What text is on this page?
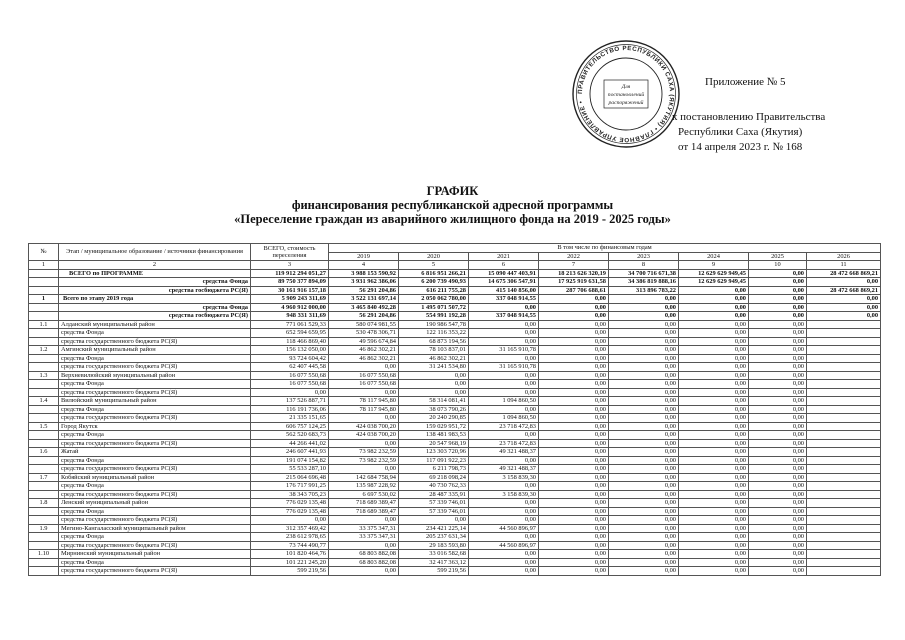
ПРАВИТЕЛЬСТВО РЕСПУБЛИКИ САХА (ЯКУТИЯ) • ГЛАВНОЕ УПРАВЛЕНИЕ •
Для
постановлений
распоряжений
Приложение № 5
к постановлению Правительства
Республики Саха (Якутия)
от 14 апреля 2023 г. № 168
ГРАФИК
финансирования республиканской адресной программы
«Переселение граждан из аварийного жилищного фонда на 2019 - 2025 годы»
№	Этап / муниципальное образование / источники финансирования	ВСЕГО, стоимость переселения	В том числе по финансовым годам							
			2019	2020	2021	2022	2023	2024	2025	2026
1	2	3	4	5	6	7	8	9	10	11
	ВСЕГО по ПРОГРАММЕ	119 912 294 051,27	3 988 153 590,92	6 816 951 266,21	15 090 447 403,91	18 213 626 320,19	34 700 716 671,38	12 629 629 949,45	0,00	28 472 668 869,21
	средства Фонда	89 750 377 894,09	3 931 962 386,06	6 200 739 490,93	14 675 306 547,91	17 925 919 631,58	34 386 819 888,16	12 629 629 949,45	0,00	0,00
	средства госбюджета РС(Я)	30 161 916 157,18	56 291 204,86	616 211 755,28	415 140 856,00	287 706 688,61	313 896 783,22	0,00	0,00	28 472 668 869,21
1	Всего по этапу 2019 года	5 909 243 311,69	3 522 131 697,14	2 050 062 780,00	337 048 914,55	0,00	0,00	0,00	0,00	0,00
	средства Фонда	4 960 912 000,00	3 465 840 492,28	1 495 071 507,72	0,00	0,00	0,00	0,00	0,00	0,00
	средства госбюджета РС(Я)	948 331 311,69	56 291 204,86	554 991 192,28	337 048 914,55	0,00	0,00	0,00	0,00	0,00
1.1	Алданский муниципальный район	771 061 529,33	580 074 981,55	190 986 547,78	0,00	0,00	0,00	0,00	0,00	
	средства Фонда	652 594 659,95	530 478 306,71	122 116 353,22	0,00	0,00	0,00	0,00	0,00	
	средства государственного бюджета РС(Я)	118 466 869,40	49 596 674,84	68 873 194,56	0,00	0,00	0,00	0,00	0,00	
1.2	Амгинский муниципальный район	156 132 050,00	46 862 302,21	78 103 837,01	31 165 910,78	0,00	0,00	0,00	0,00	
	средства Фонда	93 724 604,42	46 862 302,21	46 862 302,21	0,00	0,00	0,00	0,00	0,00	
	средства государственного бюджета РС(Я)	62 407 445,58	0,00	31 241 534,80	31 165 910,78	0,00	0,00	0,00	0,00	
1.3	Верхневилюйский муниципальный район	16 077 550,68	16 077 550,68	0,00	0,00	0,00	0,00	0,00	0,00	
	средства Фонда	16 077 550,68	16 077 550,68	0,00	0,00	0,00	0,00	0,00	0,00	
	средства государственного бюджета РС(Я)	0,00	0,00	0,00	0,00	0,00	0,00	0,00	0,00	
1.4	Вилюйский муниципальный район	137 526 887,71	78 117 945,80	58 314 081,41	1 094 860,50	0,00	0,00	0,00	0,00	
	средства Фонда	116 191 736,06	78 117 945,80	38 073 790,26	0,00	0,00	0,00	0,00	0,00	
	средства государственного бюджета РС(Я)	21 335 151,65	0,00	20 240 290,85	1 094 860,50	0,00	0,00	0,00	0,00	
1.5	Город Якутск	606 757 124,25	424 038 700,20	159 029 951,72	23 718 472,83	0,00	0,00	0,00	0,00	
	средства Фонда	562 520 683,73	424 038 700,20	138 481 983,53	0,00	0,00	0,00	0,00	0,00	
	средства государственного бюджета РС(Я)	44 266 441,02	0,00	20 547 968,19	23 718 472,83	0,00	0,00	0,00	0,00	
1.6	Жатай	246 607 441,93	73 982 232,59	123 303 720,96	49 321 488,37	0,00	0,00	0,00	0,00	
	средства Фонда	191 074 154,82	73 982 232,59	117 091 922,23	0,00	0,00	0,00	0,00	0,00	
	средства государственного бюджета РС(Я)	55 533 287,10	0,00	6 211 798,73	49 321 488,37	0,00	0,00	0,00	0,00	
1.7	Кобяйский муниципальный район	215 064 696,48	142 684 758,94	69 218 098,24	3 158 839,30	0,00	0,00	0,00	0,00	
	средства Фонда	176 717 991,25	135 987 228,92	40 730 762,33	0,00	0,00	0,00	0,00	0,00	
	средства государственного бюджета РС(Я)	38 343 705,23	6 697 530,02	28 487 335,91	3 158 839,30	0,00	0,00	0,00	0,00	
1.8	Ленский муниципальный район	776 029 135,48	718 689 389,47	57 339 746,01	0,00	0,00	0,00	0,00	0,00	
	средства Фонда	776 029 135,48	718 689 389,47	57 339 746,01	0,00	0,00	0,00	0,00	0,00	
	средства государственного бюджета РС(Я)	0,00	0,00	0,00	0,00	0,00	0,00	0,00	0,00	
1.9	Мегино-Кангаласский муниципальный район	312 357 469,42	33 375 347,31	234 421 225,14	44 560 896,97	0,00	0,00	0,00	0,00	
	средства Фонда	238 612 978,65	33 375 347,31	205 237 631,34	0,00	0,00	0,00	0,00	0,00	
	средства государственного бюджета РС(Я)	73 744 490,77	0,00	29 183 593,80	44 560 896,97	0,00	0,00	0,00	0,00	
1.10	Мирнинский муниципальный район	101 820 464,76	68 803 882,08	33 016 582,68	0,00	0,00	0,00	0,00	0,00	
	средства Фонда	101 221 245,20	68 803 882,08	32 417 363,12	0,00	0,00	0,00	0,00	0,00	
	средства государственного бюджета РС(Я)	599 219,56	0,00	599 219,56	0,00	0,00	0,00	0,00	0,00	
